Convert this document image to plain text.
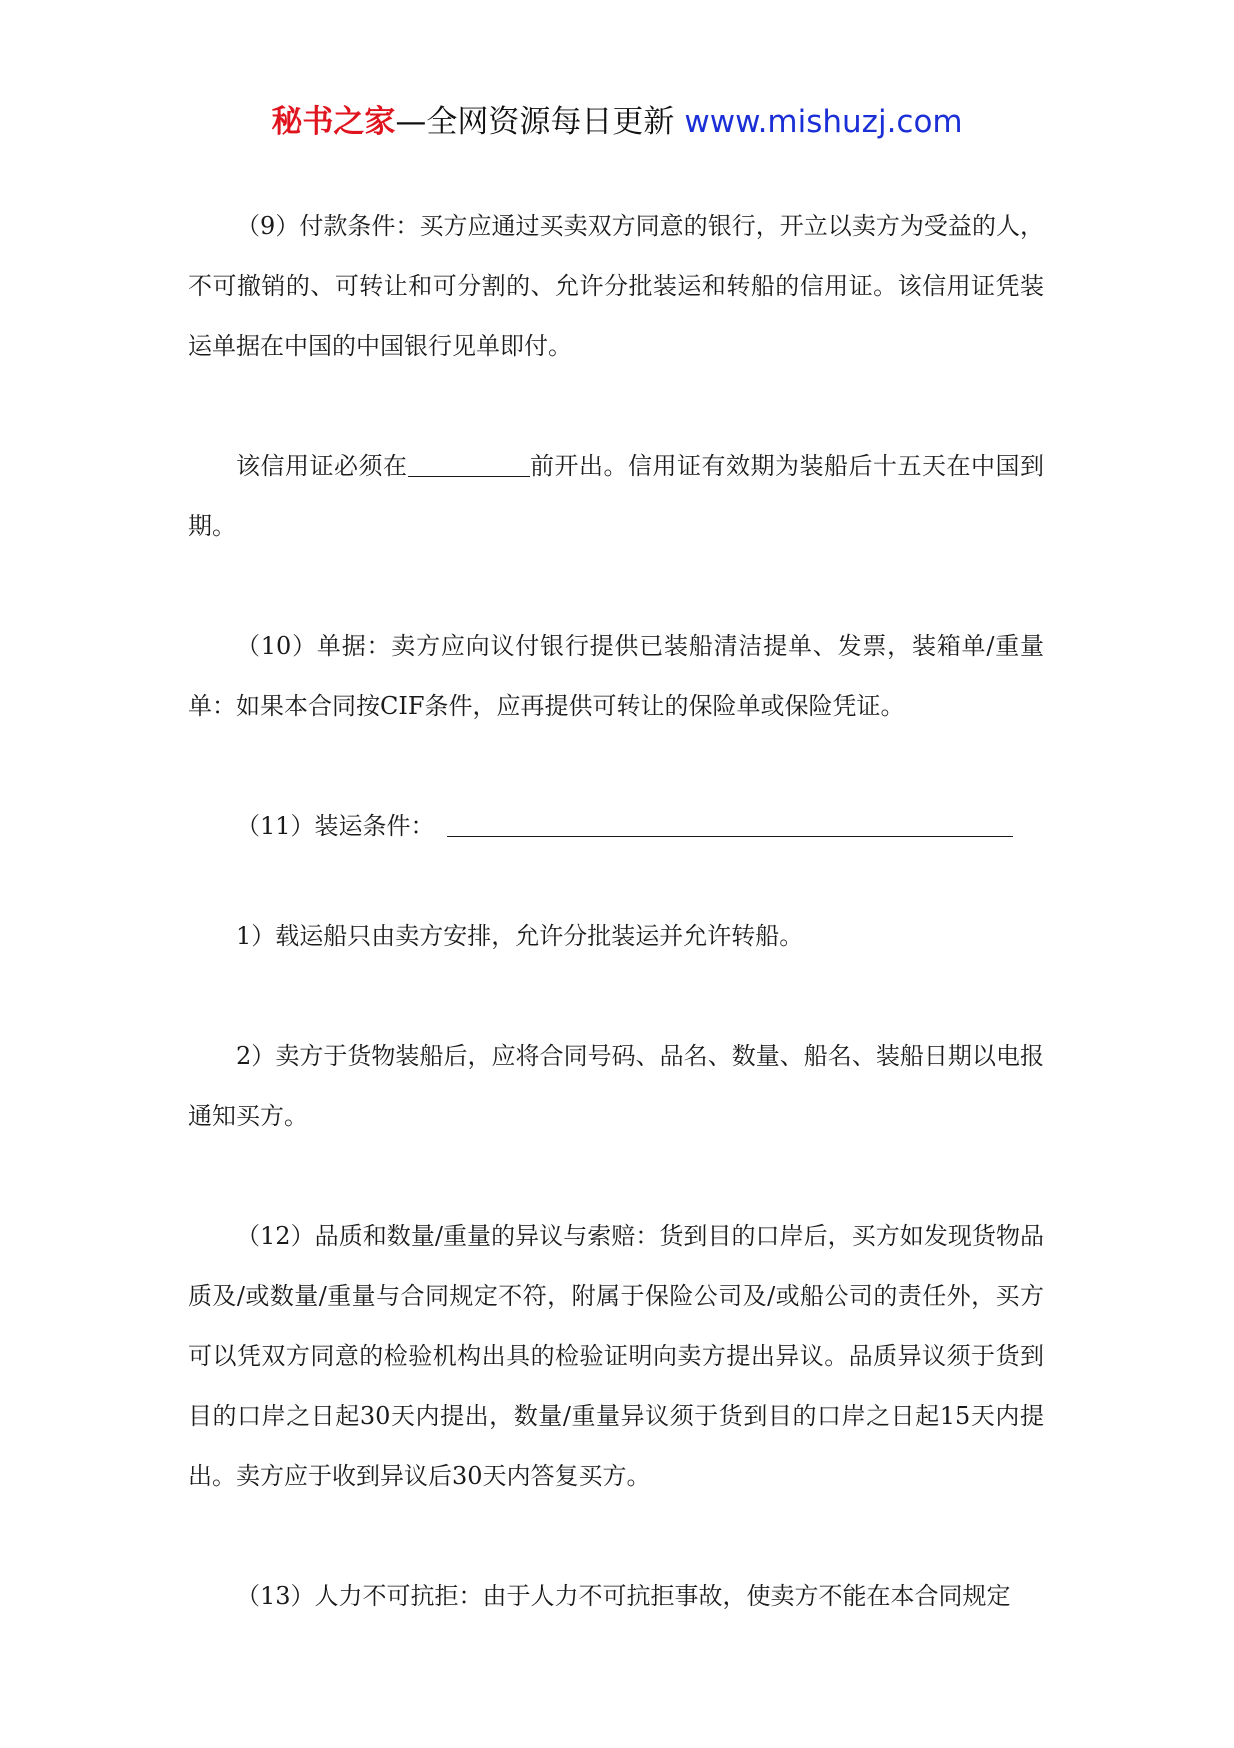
秘书之家—全网资源每日更新 www.mishuzj.com

（9）付款条件：买方应通过买卖双方同意的银行，开立以卖方为受益的人，不可撤销的、可转让和可分割的、允许分批装运和转船的信用证。该信用证凭装运单据在中国的中国银行见单即付。

该信用证必须在	前开出。信用证有效期为装船后十五天在中国到期。

（10）单据：卖方应向议付银行提供已装船清洁提单、发票，装箱单/重量单：如果本合同按CIF条件，应再提供可转让的保险单或保险凭证。

（11）装运条件：

1）载运船只由卖方安排，允许分批装运并允许转船。

2）卖方于货物装船后，应将合同号码、品名、数量、船名、装船日期以电报通知买方。

（12）品质和数量/重量的异议与索赔：货到目的口岸后，买方如发现货物品质及/或数量/重量与合同规定不符，附属于保险公司及/或船公司的责任外，买方可以凭双方同意的检验机构出具的检验证明向卖方提出异议。品质异议须于货到目的口岸之日起30天内提出，数量/重量异议须于货到目的口岸之日起15天内提出。卖方应于收到异议后30天内答复买方。

（13）人力不可抗拒：由于人力不可抗拒事故，使卖方不能在本合同规定
